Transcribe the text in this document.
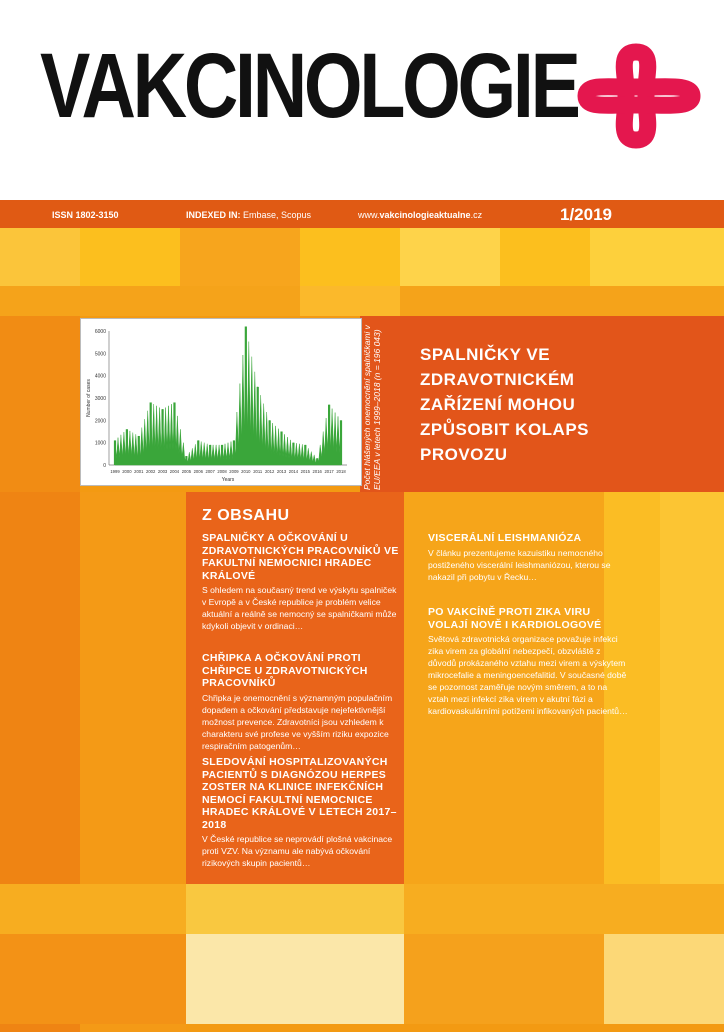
VAKCINOLOGIE
ISSN 1802-3150	INDEXED IN: Embase, Scopus	www.vakcinologieaktualne.cz	1/2019
0
1000
2000
3000
4000
5000
6000
1999 2000 2001 2002 2003 2004 2005 2006 2007 2008 2009 2010 2011 2012 2013 2014 2015 2016 2017 2018
Number of cases
Years	Počet hlášených onemocnění spalničkami v EU/EEA v letech 1999–2018 (n = 196 043) SPALNIČKY VE ZDRAVOTNICKÉM ZAŘÍZENÍ MOHOU ZPŮSOBIT KOLAPS PROVOZU
Z OBSAHU
SPALNIČKY A OČKOVÁNÍ U ZDRAVOTNICKÝCH PRACOVNÍKŮ VE FAKULTNÍ NEMOCNICI HRADEC KRÁLOVÉ

S ohledem na současný trend ve výskytu spalniček v Evropě a v České republice je problém velice aktuální a reálně se nemocný se spalničkami může kdykoli objevit v ordinaci…

CHŘIPKA A OČKOVÁNÍ PROTI CHŘIPCE U ZDRAVOTNICKÝCH PRACOVNÍKŮ

Chřipka je onemocnění s významným populačním dopadem a očkování představuje nejefektivnější možnost prevence. Zdravotníci jsou vzhledem k charakteru své profese ve vyšším riziku expozice respiračním patogenům…

SLEDOVÁNÍ HOSPITALIZOVANÝCH PACIENTŮ S DIAGNÓZOU HERPES ZOSTER NA KLINICE INFEKČNÍCH NEMOCÍ FAKULTNÍ NEMOCNICE HRADEC KRÁLOVÉ V LETECH 2017–2018

V České republice se neprovádí plošná vakcinace proti VZV. Na významu ale nabývá očkování rizikových skupin pacientů…

VISCERÁLNÍ LEISHMANIÓZA

V článku prezentujeme kazuistiku nemocného postiženého viscerální leishmaniózou, kterou se nakazil při pobytu v Řecku…

PO VAKCÍNĚ PROTI ZIKA VIRU VOLAJÍ NOVĚ I KARDIOLOGOVÉ

Světová zdravotnická organizace považuje infekci zika virem za globální nebezpečí, obzvláště z důvodů prokázaného vztahu mezi virem a výskytem mikrocefalie a meningoencefalitid. V současné době se pozornost zaměřuje novým směrem, a to na vztah mezi infekcí zika virem v akutní fázi a kardiovaskulárními potížemi infikovaných pacientů…
